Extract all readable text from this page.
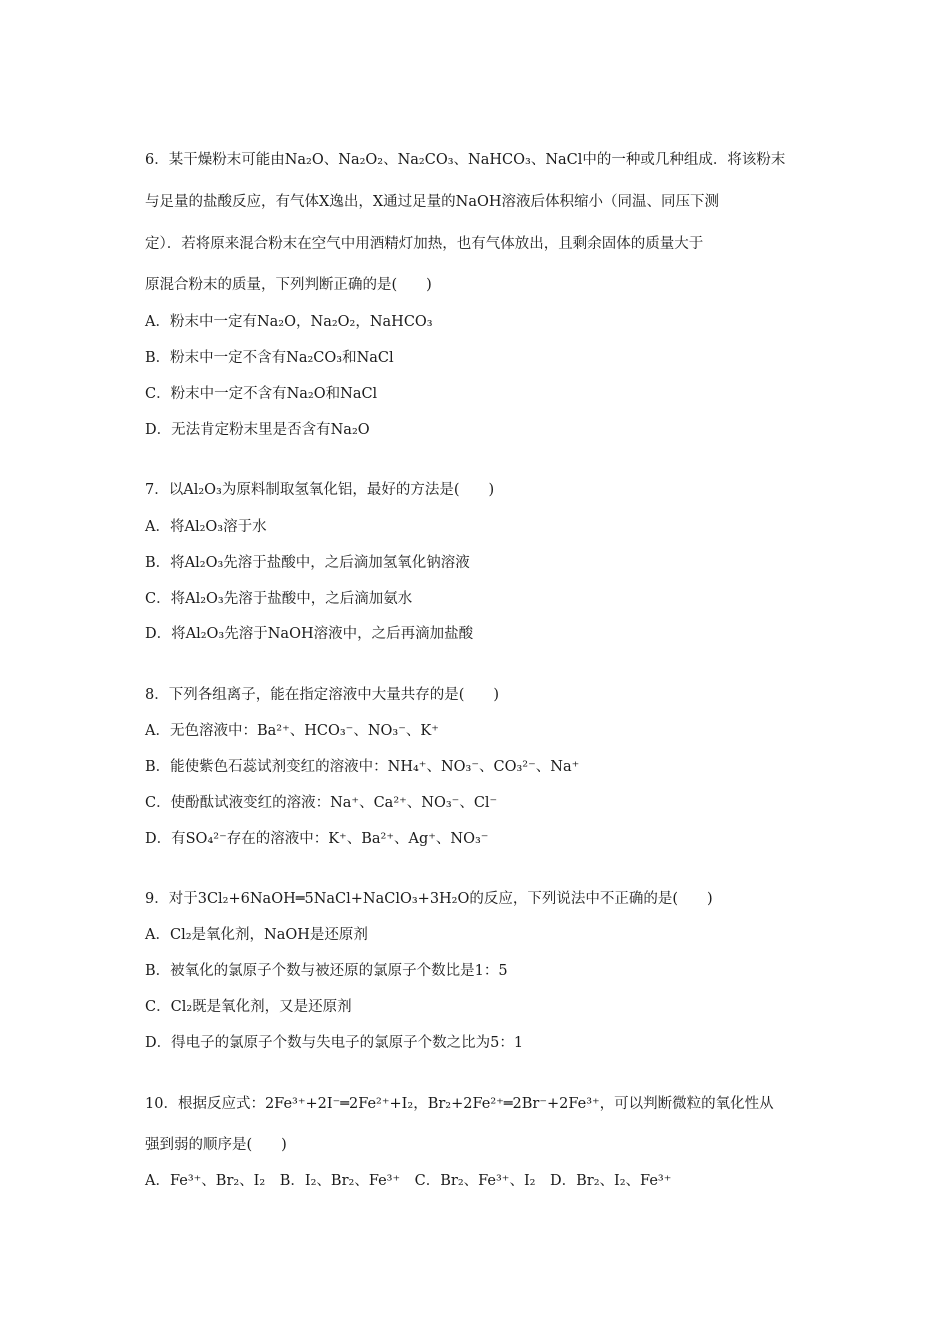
6．某干燥粉末可能由Na₂O、Na₂O₂、Na₂CO₃、NaHCO₃、NaCl中的一种或几种组成．将该粉末
与足量的盐酸反应，有气体X逸出，X通过足量的NaOH溶液后体积缩小（同温、同压下测
定）．若将原来混合粉末在空气中用酒精灯加热，也有气体放出，且剩余固体的质量大于
原混合粉末的质量，下列判断正确的是(　　)
A．粉末中一定有Na₂O，Na₂O₂，NaHCO₃
B．粉末中一定不含有Na₂CO₃和NaCl
C．粉末中一定不含有Na₂O和NaCl
D．无法肯定粉末里是否含有Na₂O
7．以Al₂O₃为原料制取氢氧化铝，最好的方法是(　　)
A．将Al₂O₃溶于水
B．将Al₂O₃先溶于盐酸中，之后滴加氢氧化钠溶液
C．将Al₂O₃先溶于盐酸中，之后滴加氨水
D．将Al₂O₃先溶于NaOH溶液中，之后再滴加盐酸
8．下列各组离子，能在指定溶液中大量共存的是(　　)
A．无色溶液中：Ba²⁺、HCO₃⁻、NO₃⁻、K⁺
B．能使紫色石蕊试剂变红的溶液中：NH₄⁺、NO₃⁻、CO₃²⁻、Na⁺
C．使酚酞试液变红的溶液：Na⁺、Ca²⁺、NO₃⁻、Cl⁻
D．有SO₄²⁻存在的溶液中：K⁺、Ba²⁺、Ag⁺、NO₃⁻
9．对于3Cl₂+6NaOH═5NaCl+NaClO₃+3H₂O的反应，下列说法中不正确的是(　　)
A．Cl₂是氧化剂，NaOH是还原剂
B．被氧化的氯原子个数与被还原的氯原子个数比是1：5
C．Cl₂既是氧化剂，又是还原剂
D．得电子的氯原子个数与失电子的氯原子个数之比为5：1
10．根据反应式：2Fe³⁺+2I⁻═2Fe²⁺+I₂，Br₂+2Fe²⁺═2Br⁻+2Fe³⁺，可以判断微粒的氧化性从
强到弱的顺序是(　　)
A．Fe³⁺、Br₂、I₂　B．I₂、Br₂、Fe³⁺　C．Br₂、Fe³⁺、I₂　D．Br₂、I₂、Fe³⁺
